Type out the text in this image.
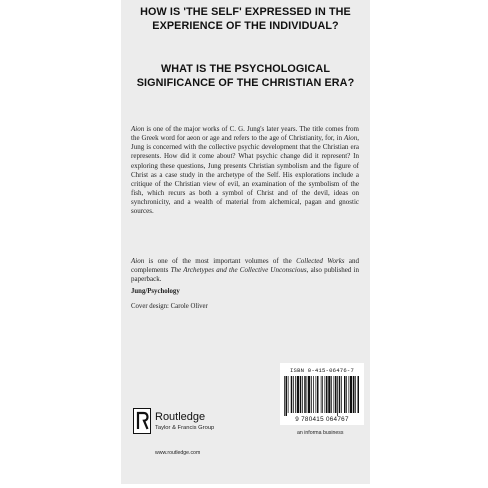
HOW IS 'THE SELF' EXPRESSED IN THE EXPERIENCE OF THE INDIVIDUAL?
WHAT IS THE PSYCHOLOGICAL SIGNIFICANCE OF THE CHRISTIAN ERA?

Aion is one of the major works of C. G. Jung's later years. The title comes from the Greek word for aeon or age and refers to the age of Christianity, for, in Aion, Jung is concerned with the collective psychic development that the Christian era represents. How did it come about? What psychic change did it represent? In exploring these questions, Jung presents Christian symbolism and the figure of Christ as a case study in the archetype of the Self. His explorations include a critique of the Christian view of evil, an examination of the symbolism of the fish, which recurs as both a symbol of Christ and of the devil, ideas on synchronicity, and a wealth of material from alchemical, pagan and gnostic sources.

Aion is one of the most important volumes of the Collected Works and complements The Archetypes and the Collective Unconscious, also published in paperback.

Jung/Psychology

Cover design: Carole Oliver

ISBN 0-415-06476-7
9 780415 064767

an informa business

Routledge

Taylor & Francis Group

www.routledge.com
